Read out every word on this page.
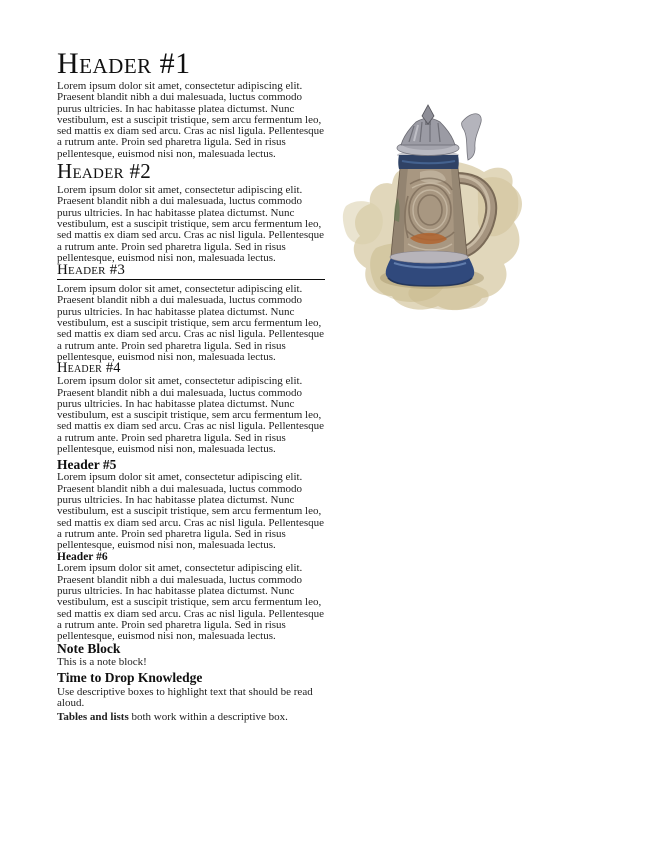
Header #1

Lorem ipsum dolor sit amet, consectetur adipiscing elit. Praesent blandit nibh a dui malesuada, luctus commodo purus ultricies. In hac habitasse platea dictumst. Nunc vestibulum, est a suscipit tristique, sem arcu fermentum leo, sed mattis ex diam sed arcu. Cras ac nisl ligula. Pellentesque a rutrum ante. Proin sed pharetra ligula. Sed in risus pellentesque, euismod nisi non, malesuada lectus.

Header #2

Lorem ipsum dolor sit amet, consectetur adipiscing elit. Praesent blandit nibh a dui malesuada, luctus commodo purus ultricies. In hac habitasse platea dictumst. Nunc vestibulum, est a suscipit tristique, sem arcu fermentum leo, sed mattis ex diam sed arcu. Cras ac nisl ligula. Pellentesque a rutrum ante. Proin sed pharetra ligula. Sed in risus pellentesque, euismod nisi non, malesuada lectus.

Header #3

Lorem ipsum dolor sit amet, consectetur adipiscing elit. Praesent blandit nibh a dui malesuada, luctus commodo purus ultricies. In hac habitasse platea dictumst. Nunc vestibulum, est a suscipit tristique, sem arcu fermentum leo, sed mattis ex diam sed arcu. Cras ac nisl ligula. Pellentesque a rutrum ante. Proin sed pharetra ligula. Sed in risus pellentesque, euismod nisi non, malesuada lectus.

Header #4

Lorem ipsum dolor sit amet, consectetur adipiscing elit. Praesent blandit nibh a dui malesuada, luctus commodo purus ultricies. In hac habitasse platea dictumst. Nunc vestibulum, est a suscipit tristique, sem arcu fermentum leo, sed mattis ex diam sed arcu. Cras ac nisl ligula. Pellentesque a rutrum ante. Proin sed pharetra ligula. Sed in risus pellentesque, euismod nisi non, malesuada lectus.

Header #5

Lorem ipsum dolor sit amet, consectetur adipiscing elit. Praesent blandit nibh a dui malesuada, luctus commodo purus ultricies. In hac habitasse platea dictumst. Nunc vestibulum, est a suscipit tristique, sem arcu fermentum leo, sed mattis ex diam sed arcu. Cras ac nisl ligula. Pellentesque a rutrum ante. Proin sed pharetra ligula. Sed in risus pellentesque, euismod nisi non, malesuada lectus.

Header #6

Lorem ipsum dolor sit amet, consectetur adipiscing elit. Praesent blandit nibh a dui malesuada, luctus commodo purus ultricies. In hac habitasse platea dictumst. Nunc vestibulum, est a suscipit tristique, sem arcu fermentum leo, sed mattis ex diam sed arcu. Cras ac nisl ligula. Pellentesque a rutrum ante. Proin sed pharetra ligula. Sed in risus pellentesque, euismod nisi non, malesuada lectus.

Note Block

This is a note block!

Time to Drop Knowledge

Use descriptive boxes to highlight text that should be read aloud.

Tables and lists both work within a descriptive box.
